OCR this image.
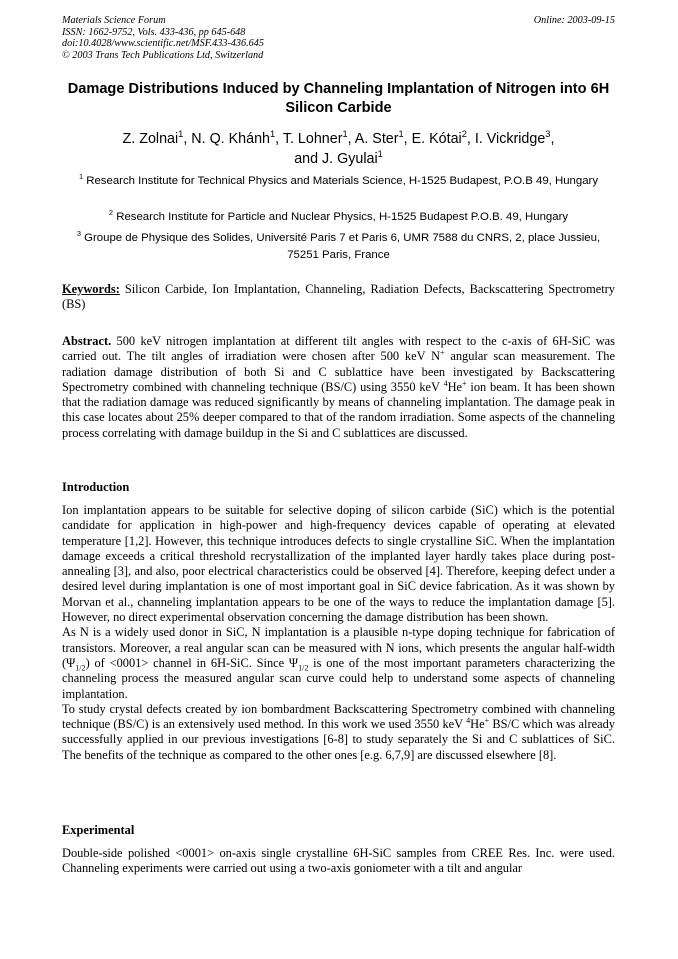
Materials Science Forum
ISSN: 1662-9752, Vols. 433-436, pp 645-648
doi:10.4028/www.scientific.net/MSF.433-436.645
© 2003 Trans Tech Publications Ltd, Switzerland
Online: 2003-09-15
Damage Distributions Induced by Channeling Implantation of Nitrogen into 6H Silicon Carbide
Z. Zolnai$^1$, N. Q. Khánh$^1$, T. Lohner$^1$, A. Ster$^1$, E. Kótai$^2$, I. Vickridge$^3$,
and J. Gyulai$^1$
$^1$ Research Institute for Technical Physics and Materials Science, H-1525 Budapest, P.O.B 49, Hungary
$^2$ Research Institute for Particle and Nuclear Physics, H-1525 Budapest P.O.B. 49, Hungary
$^3$ Groupe de Physique des Solides, Université Paris 7 et Paris 6, UMR 7588 du CNRS, 2, place Jussieu, 75251 Paris, France
Keywords: Silicon Carbide, Ion Implantation, Channeling, Radiation Defects, Backscattering Spectrometry (BS)
Abstract. 500 keV nitrogen implantation at different tilt angles with respect to the c-axis of 6H-SiC was carried out. The tilt angles of irradiation were chosen after 500 keV N+ angular scan measurement. The radiation damage distribution of both Si and C sublattice have been investigated by Backscattering Spectrometry combined with channeling technique (BS/C) using 3550 keV $^4$He+ ion beam. It has been shown that the radiation damage was reduced significantly by means of channeling implantation. The damage peak in this case locates about 25% deeper compared to that of the random irradiation. Some aspects of the channeling process correlating with damage buildup in the Si and C sublattices are discussed.
Introduction

Ion implantation appears to be suitable for selective doping of silicon carbide (SiC) which is the potential candidate for application in high-power and high-frequency devices capable of operating at elevated temperature [1,2]. However, this technique introduces defects to single crystalline SiC. When the implantation damage exceeds a critical threshold recrystallization of the implanted layer hardly takes place during post-annealing [3], and also, poor electrical characteristics could be observed [4]. Therefore, keeping defect under a desired level during implantation is one of most important goal in SiC device fabrication. As it was shown by Morvan et al., channeling implantation appears to be one of the ways to reduce the implantation damage [5]. However, no direct experimental observation concerning the damage distribution has been shown.

As N is a widely used donor in SiC, N implantation is a plausible n-type doping technique for fabrication of transistors. Moreover, a real angular scan can be measured with N ions, which presents the angular half-width $(\Psi_{1/2})$ of <0001> channel in 6H-SiC. Since $\Psi_{1/2}$ is one of the most important parameters characterizing the channeling process the measured angular scan curve could help to understand some aspects of channeling implantation.

To study crystal defects created by ion bombardment Backscattering Spectrometry combined with channeling technique (BS/C) is an extensively used method. In this work we used 3550 keV $^4$He+ BS/C which was already successfully applied in our previous investigations [6-8] to study separately the Si and C sublattices of SiC. The benefits of the technique as compared to the other ones [e.g. 6,7,9] are discussed elsewhere [8].

Experimental

Double-side polished <0001> on-axis single crystalline 6H-SiC samples from CREE Res. Inc. were used. Channeling experiments were carried out using a two-axis goniometer with a tilt and angular
